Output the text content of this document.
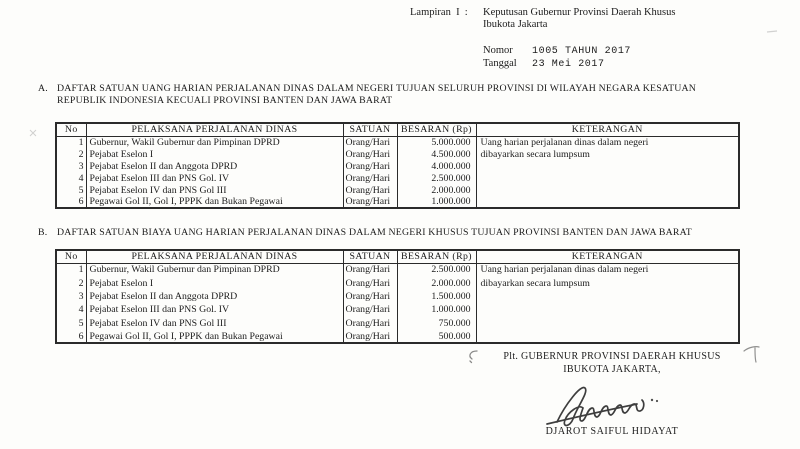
Lampiran  I  : Keputusan Gubernur Provinsi Daerah Khusus
Ibukota Jakarta
Nomor 1005 TAHUN 2017
Tanggal 23 Mei 2017
A. DAFTAR SATUAN UANG HARIAN PERJALANAN DINAS DALAM NEGERI TUJUAN SELURUH PROVINSI DI WILAYAH NEGARA KESATUAN
REPUBLIK INDONESIA KECUALI PROVINSI BANTEN DAN JAWA BARAT
No	PELAKSANA PERJALANAN DINAS	SATUAN	BESARAN (Rp)	KETERANGAN
1	Gubernur, Wakil Gubernur dan Pimpinan DPRD	Orang/Hari	5.000.000	Uang harian perjalanan dinas dalam negeri
2	Pejabat Eselon I	Orang/Hari	4.500.000	dibayarkan secara lumpsum
3	Pejabat Eselon II dan Anggota DPRD	Orang/Hari	4.000.000	
4	Pejabat Eselon III dan PNS Gol. IV	Orang/Hari	2.500.000	
5	Pejabat Eselon IV dan PNS Gol III	Orang/Hari	2.000.000	
6	Pegawai Gol II, Gol I, PPPK dan Bukan Pegawai	Orang/Hari	1.000.000	
B. DAFTAR SATUAN BIAYA UANG HARIAN PERJALANAN DINAS DALAM NEGERI KHUSUS TUJUAN PROVINSI BANTEN DAN JAWA BARAT
No	PELAKSANA PERJALANAN DINAS	SATUAN	BESARAN (Rp)	KETERANGAN
1	Gubernur, Wakil Gubernur dan Pimpinan DPRD	Orang/Hari	2.500.000	Uang harian perjalanan dinas dalam negeri
2	Pejabat Eselon I	Orang/Hari	2.000.000	dibayarkan secara lumpsum
3	Pejabat Eselon II dan Anggota DPRD	Orang/Hari	1.500.000	
4	Pejabat Eselon III dan PNS Gol. IV	Orang/Hari	1.000.000	
5	Pejabat Eselon IV dan PNS Gol III	Orang/Hari	750.000	
6	Pegawai Gol II, Gol I, PPPK dan Bukan Pegawai	Orang/Hari	500.000	
Plt. GUBERNUR PROVINSI DAERAH KHUSUS
IBUKOTA JAKARTA,
DJAROT SAIFUL HIDAYAT
